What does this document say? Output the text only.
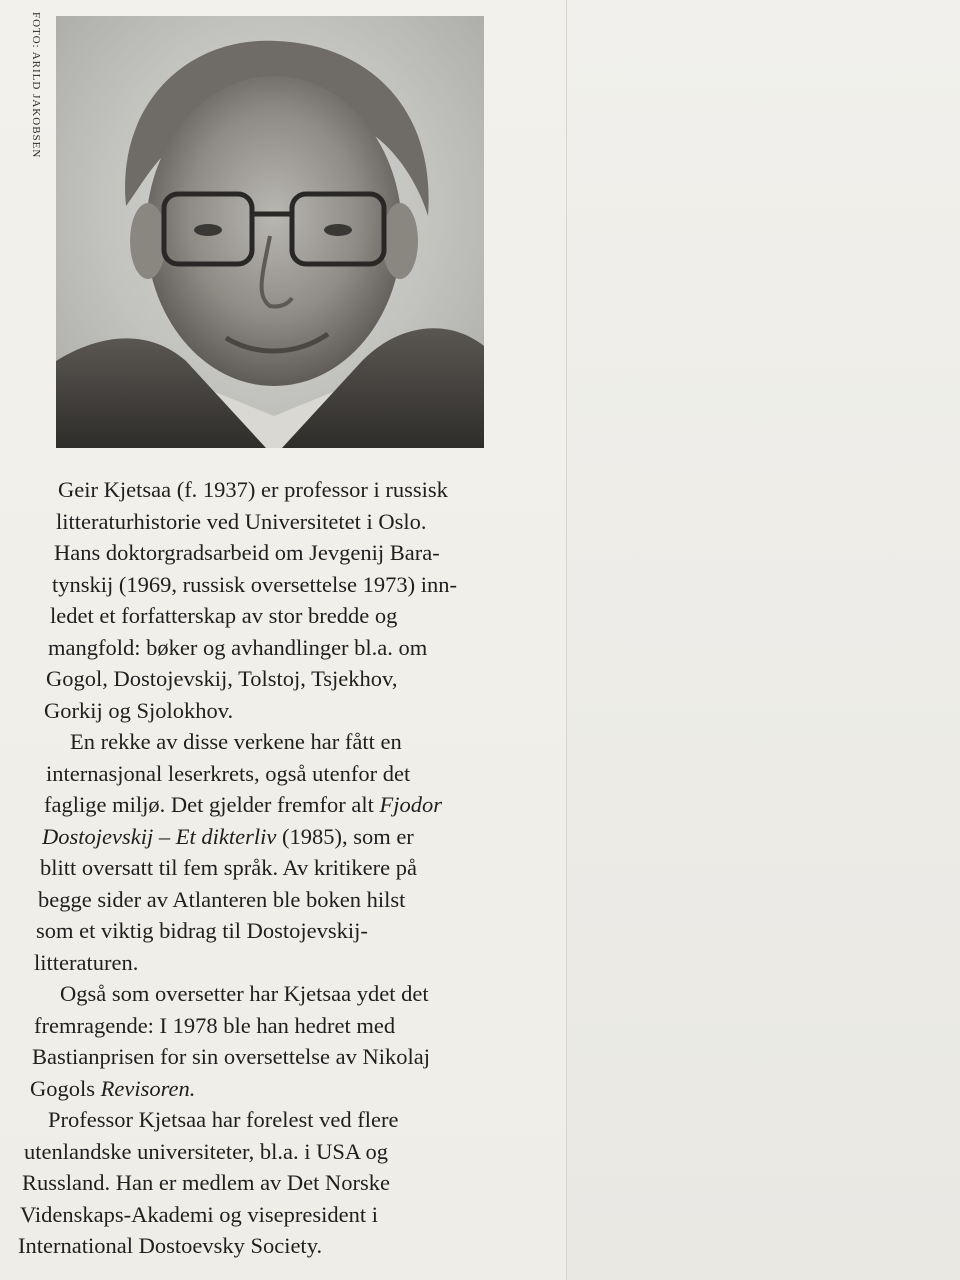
FOTO: ARILD JAKOBSEN

Geir Kjetsaa (f. 1937) er professor i russisk
litteraturhistorie ved Universitetet i Oslo.
Hans doktorgradsarbeid om Jevgenij Bara-
tynskij (1969, russisk oversettelse 1973) inn-
ledet et forfatterskap av stor bredde og
mangfold: bøker og avhandlinger bl.a. om
Gogol, Dostojevskij, Tolstoj, Tsjekhov,
Gorkij og Sjolokhov.

En rekke av disse verkene har fått en
internasjonal leserkrets, også utenfor det
faglige miljø. Det gjelder fremfor alt Fjodor
Dostojevskij – Et dikterliv (1985), som er
blitt oversatt til fem språk. Av kritikere på
begge sider av Atlanteren ble boken hilst
som et viktig bidrag til Dostojevskij-
litteraturen.

Også som oversetter har Kjetsaa ydet det
fremragende: I 1978 ble han hedret med
Bastianprisen for sin oversettelse av Nikolaj
Gogols Revisoren.

Professor Kjetsaa har forelest ved flere
utenlandske universiteter, bl.a. i USA og
Russland. Han er medlem av Det Norske
Videnskaps-Akademi og visepresident i
International Dostoevsky Society.
